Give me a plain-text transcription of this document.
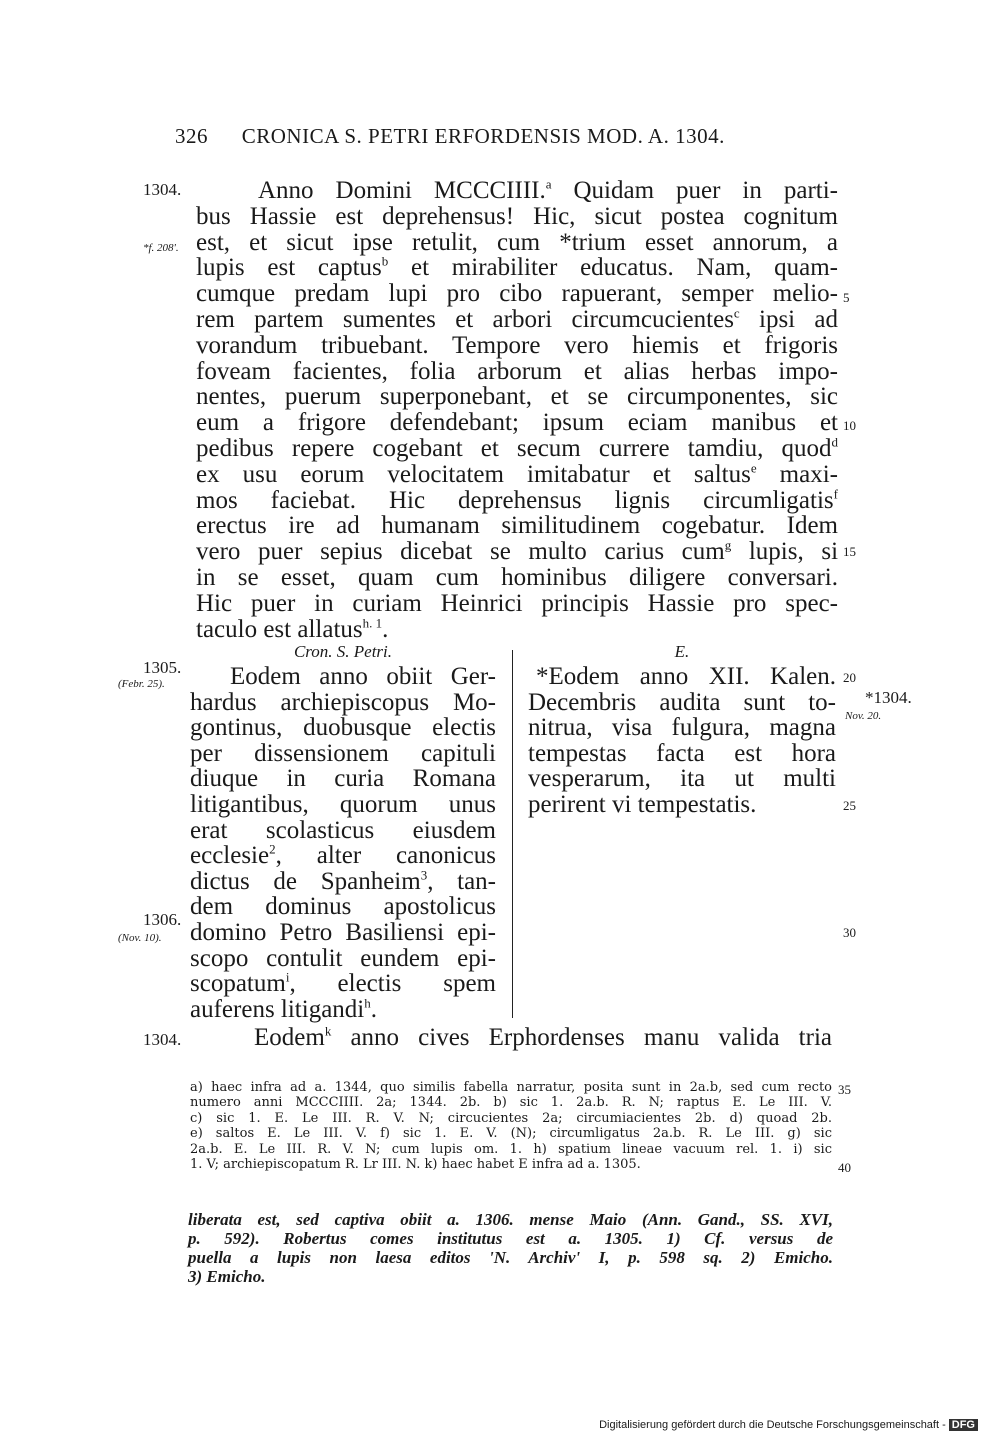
326 CRONICA S. PETRI ERFORDENSIS MOD. A. 1304.
1304.
*f. 208'.
1305.
(Febr. 25).
1306.
(Nov. 10).
*1304.
Nov. 20.
1304.
5
10
15
20
25
30
35
40
Anno Domini MCCCIIII.$^a$ Quidam puer in parti-
bus Hassie est deprehensus! Hic, sicut postea cognitum
est, et sicut ipse retulit, cum *trium esset annorum, a
lupis est captus$^b$ et mirabiliter educatus. Nam, quam-
cumque predam lupi pro cibo rapuerant, semper melio-
rem partem sumentes et arbori circumcucientes$^c$ ipsi ad
vorandum tribuebant. Tempore vero hiemis et frigoris
foveam facientes, folia arborum et alias herbas impo-
nentes, puerum superponebant, et se circumponentes, sic
eum a frigore defendebant; ipsum eciam manibus et
pedibus repere cogebant et secum currere tamdiu, quod$^d$
ex usu eorum velocitatem imitabatur et saltus$^e$ maxi-
mos faciebat. Hic deprehensus lignis circumligatis$^f$
erectus ire ad humanam similitudinem cogebatur. Idem
vero puer sepius dicebat se multo carius cum$^g$ lupis, si
in se esset, quam cum hominibus diligere conversari.
Hic puer in curiam Heinrici principis Hassie pro spec-
taculo est allatus$^{h. 1}$.
Cron. S. Petri.
Eodem anno obiit Ger-
hardus archiepiscopus Mo-
gontinus, duobusque electis
per dissensionem capituli
diuque in curia Romana
litigantibus, quorum unus
erat scolasticus eiusdem
ecclesie$^2$, alter canonicus
dictus de Spanheim$^3$, tan-
dem dominus apostolicus
domino Petro Basiliensi epi-
scopo contulit eundem epi-
scopatum$^i$, electis spem
auferens litigandi$^h$.
E.
*Eodem anno XII. Kalen.
Decembris audita sunt to-
nitrua, visa fulgura, magna
tempestas facta est hora
vesperarum, ita ut multi
perirent vi tempestatis.
Eodem$^k$ anno cives Erphordenses manu valida tria
a) haec infra ad a. 1344, quo similis fabella narratur, posita sunt in 2a.b, sed cum recto
numero anni MCCCIIII. 2a; 1344. 2b. b) sic 1. 2a.b. R. N; raptus E. Le III. V.
c) sic 1. E. Le III. R. V. N; circucientes 2a; circumiacientes 2b. d) quoad 2b.
e) saltos E. Le III. V. f) sic 1. E. V. (N); circumligatus 2a.b. R. Le III. g) sic
2a.b. E. Le III. R. V. N; cum lupis om. 1. h) spatium lineae vacuum rel. 1. i) sic
1. V; archiepiscopatum R. Lr III. N. k) haec habet E infra ad a. 1305.
liberata est, sed captiva obiit a. 1306. mense Maio (Ann. Gand., SS. XVI,
p. 592). Robertus comes institutus est a. 1305. 1) Cf. versus de
puella a lupis non laesa editos 'N. Archiv' I, p. 598 sq. 2) Emicho.
3) Emicho.
Digitalisierung gefördert durch die Deutsche Forschungsgemeinschaft - DFG
